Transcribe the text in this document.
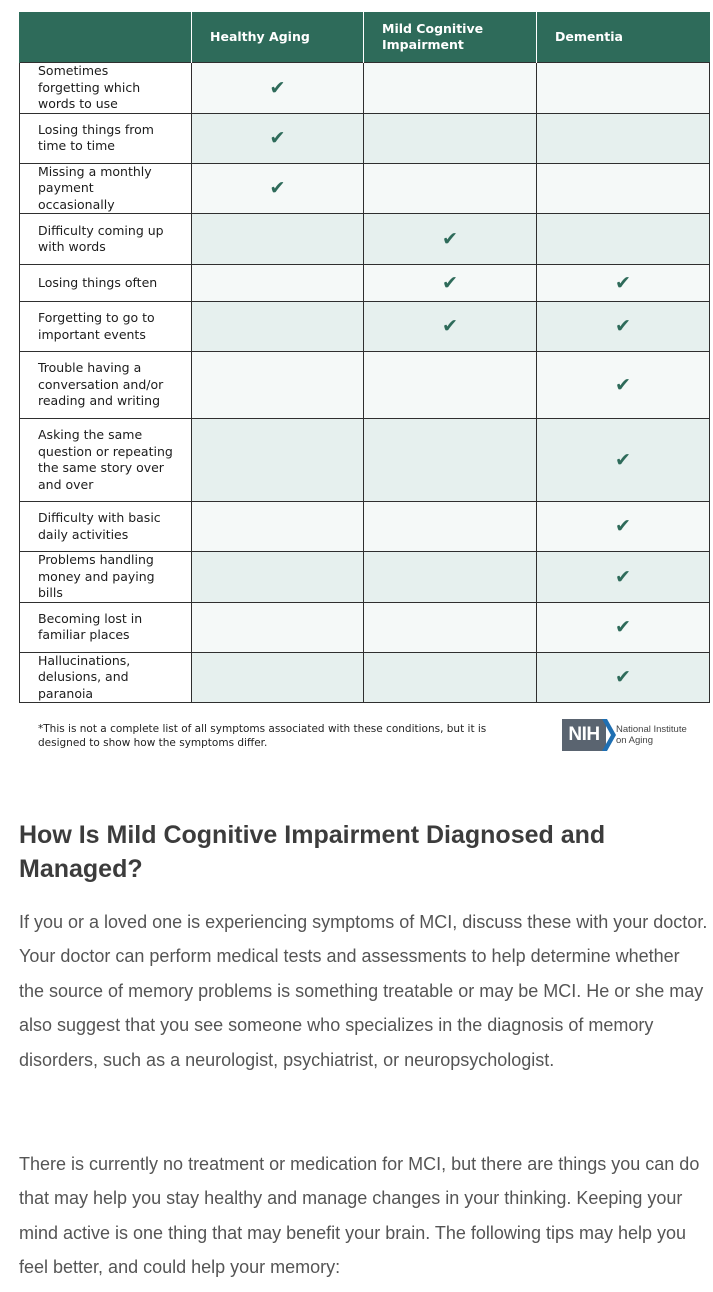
	Healthy Aging	Mild Cognitive Impairment	Dementia
Sometimes forgetting which words to use	✔		
Losing things from time to time	✔		
Missing a monthly payment occasionally	✔		
Difficulty coming up with words		✔	
Losing things often		✔	✔
Forgetting to go to important events		✔	✔
Trouble having a conversation and/or reading and writing			✔
Asking the same question or repeating the same story over and over			✔
Difficulty with basic daily activities			✔
Problems handling money and paying bills			✔
Becoming lost in familiar places			✔
Hallucinations, delusions, and paranoia			✔
*This is not a complete list of all symptoms associated with these conditions, but it is designed to show how the symptoms differ.	NIH	National Institute
on Aging
How Is Mild Cognitive Impairment Diagnosed and Managed?

If you or a loved one is experiencing symptoms of MCI, discuss these with your doctor. Your doctor can perform medical tests and assessments to help determine whether the source of memory problems is something treatable or may be MCI. He or she may also suggest that you see someone who specializes in the diagnosis of memory disorders, such as a neurologist, psychiatrist, or neuropsychologist.

There is currently no treatment or medication for MCI, but there are things you can do that may help you stay healthy and manage changes in your thinking. Keeping your mind active is one thing that may benefit your brain. The following tips may help you feel better, and could help your memory:
